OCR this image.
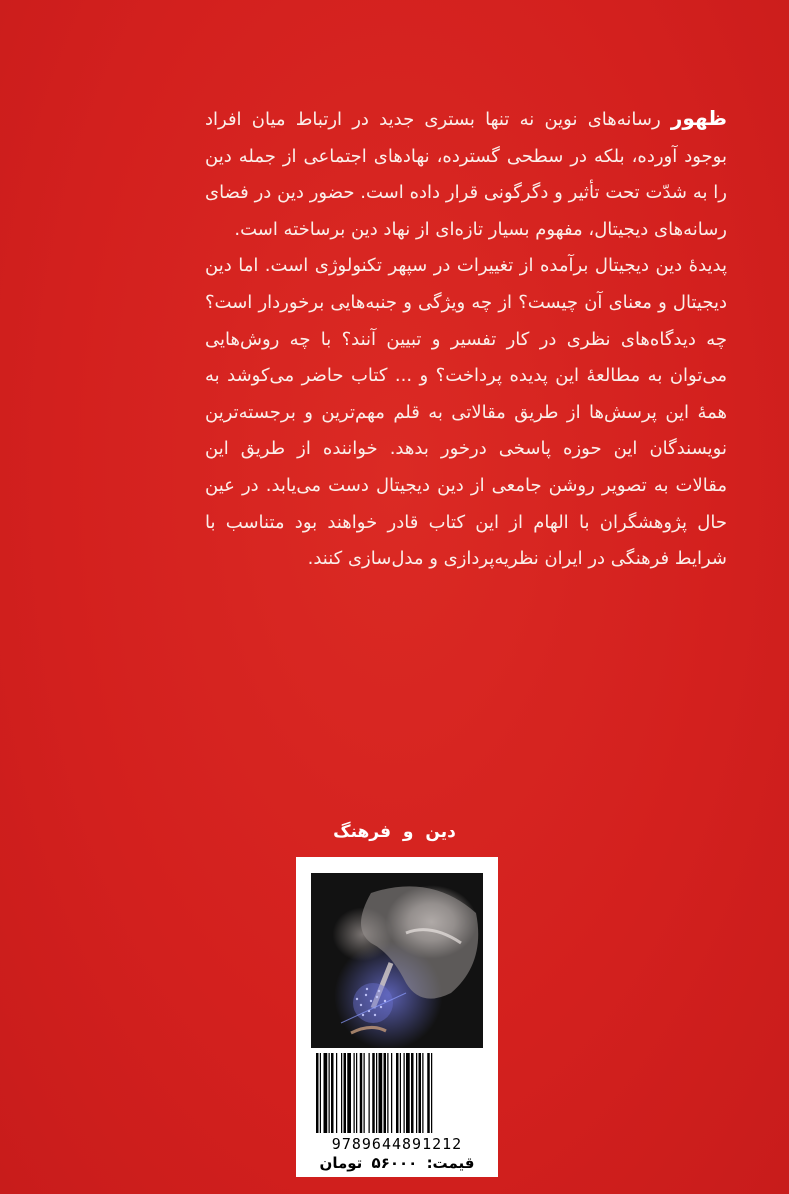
ظهور رسانه‌های نوین نه تنها بستری جدید در ارتباط میان افراد بوجود آورده، بلکه در سطحی گسترده، نهادهای اجتماعی از جمله دین را به شدّت تحت تأثیر و دگرگونی قرار داده است. حضور دین در فضای رسانه‌های دیجیتال، مفهوم بسیار تازه‌ای از نهاد دین برساخته است.

پدیدهٔ دین دیجیتال برآمده از تغییرات در سپهر تکنولوژی است. اما دین دیجیتال و معنای آن چیست؟ از چه ویژگی و جنبه‌هایی برخوردار است؟ چه دیدگاه‌های نظری در کار تفسیر و تبیین آنند؟ با چه روش‌هایی می‌توان به مطالعهٔ این پدیده پرداخت؟ و ... کتاب حاضر می‌کوشد به همهٔ این پرسش‌ها از طریق مقالاتی به قلم مهم‌ترین و برجسته‌ترین نویسندگان این حوزه پاسخی درخور بدهد. خواننده از طریق این مقالات به تصویر روشن جامعی از دین دیجیتال دست می‌یابد. در عین حال پژوهشگران با الهام از این کتاب قادر خواهند بود متناسب با شرایط فرهنگی در ایران نظریه‌پردازی و مدل‌سازی کنند.

دین و فرهنگ
9789644891212
قیمت: ۵۶۰۰۰ تومان
